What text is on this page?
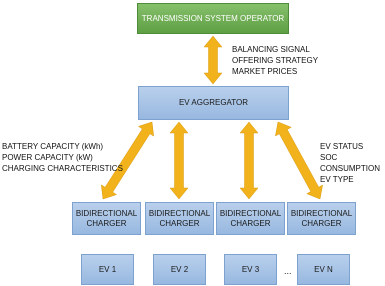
TRANSMISSION SYSTEM OPERATOR
BALANCING SIGNAL
OFFERING STRATEGY
MARKET PRICES
EV AGGREGATOR
BATTERY CAPACITY (kWh)
POWER CAPACITY (kW)
CHARGING CHARACTERISTICS
EV STATUS
SOC
CONSUMPTION
EV TYPE
BIDIRECTIONAL
CHARGER
BIDIRECTIONAL
CHARGER
BIDIRECTIONAL
CHARGER
BIDIRECTIONAL
CHARGER
EV 1	EV 2	EV 3	EV N
...
